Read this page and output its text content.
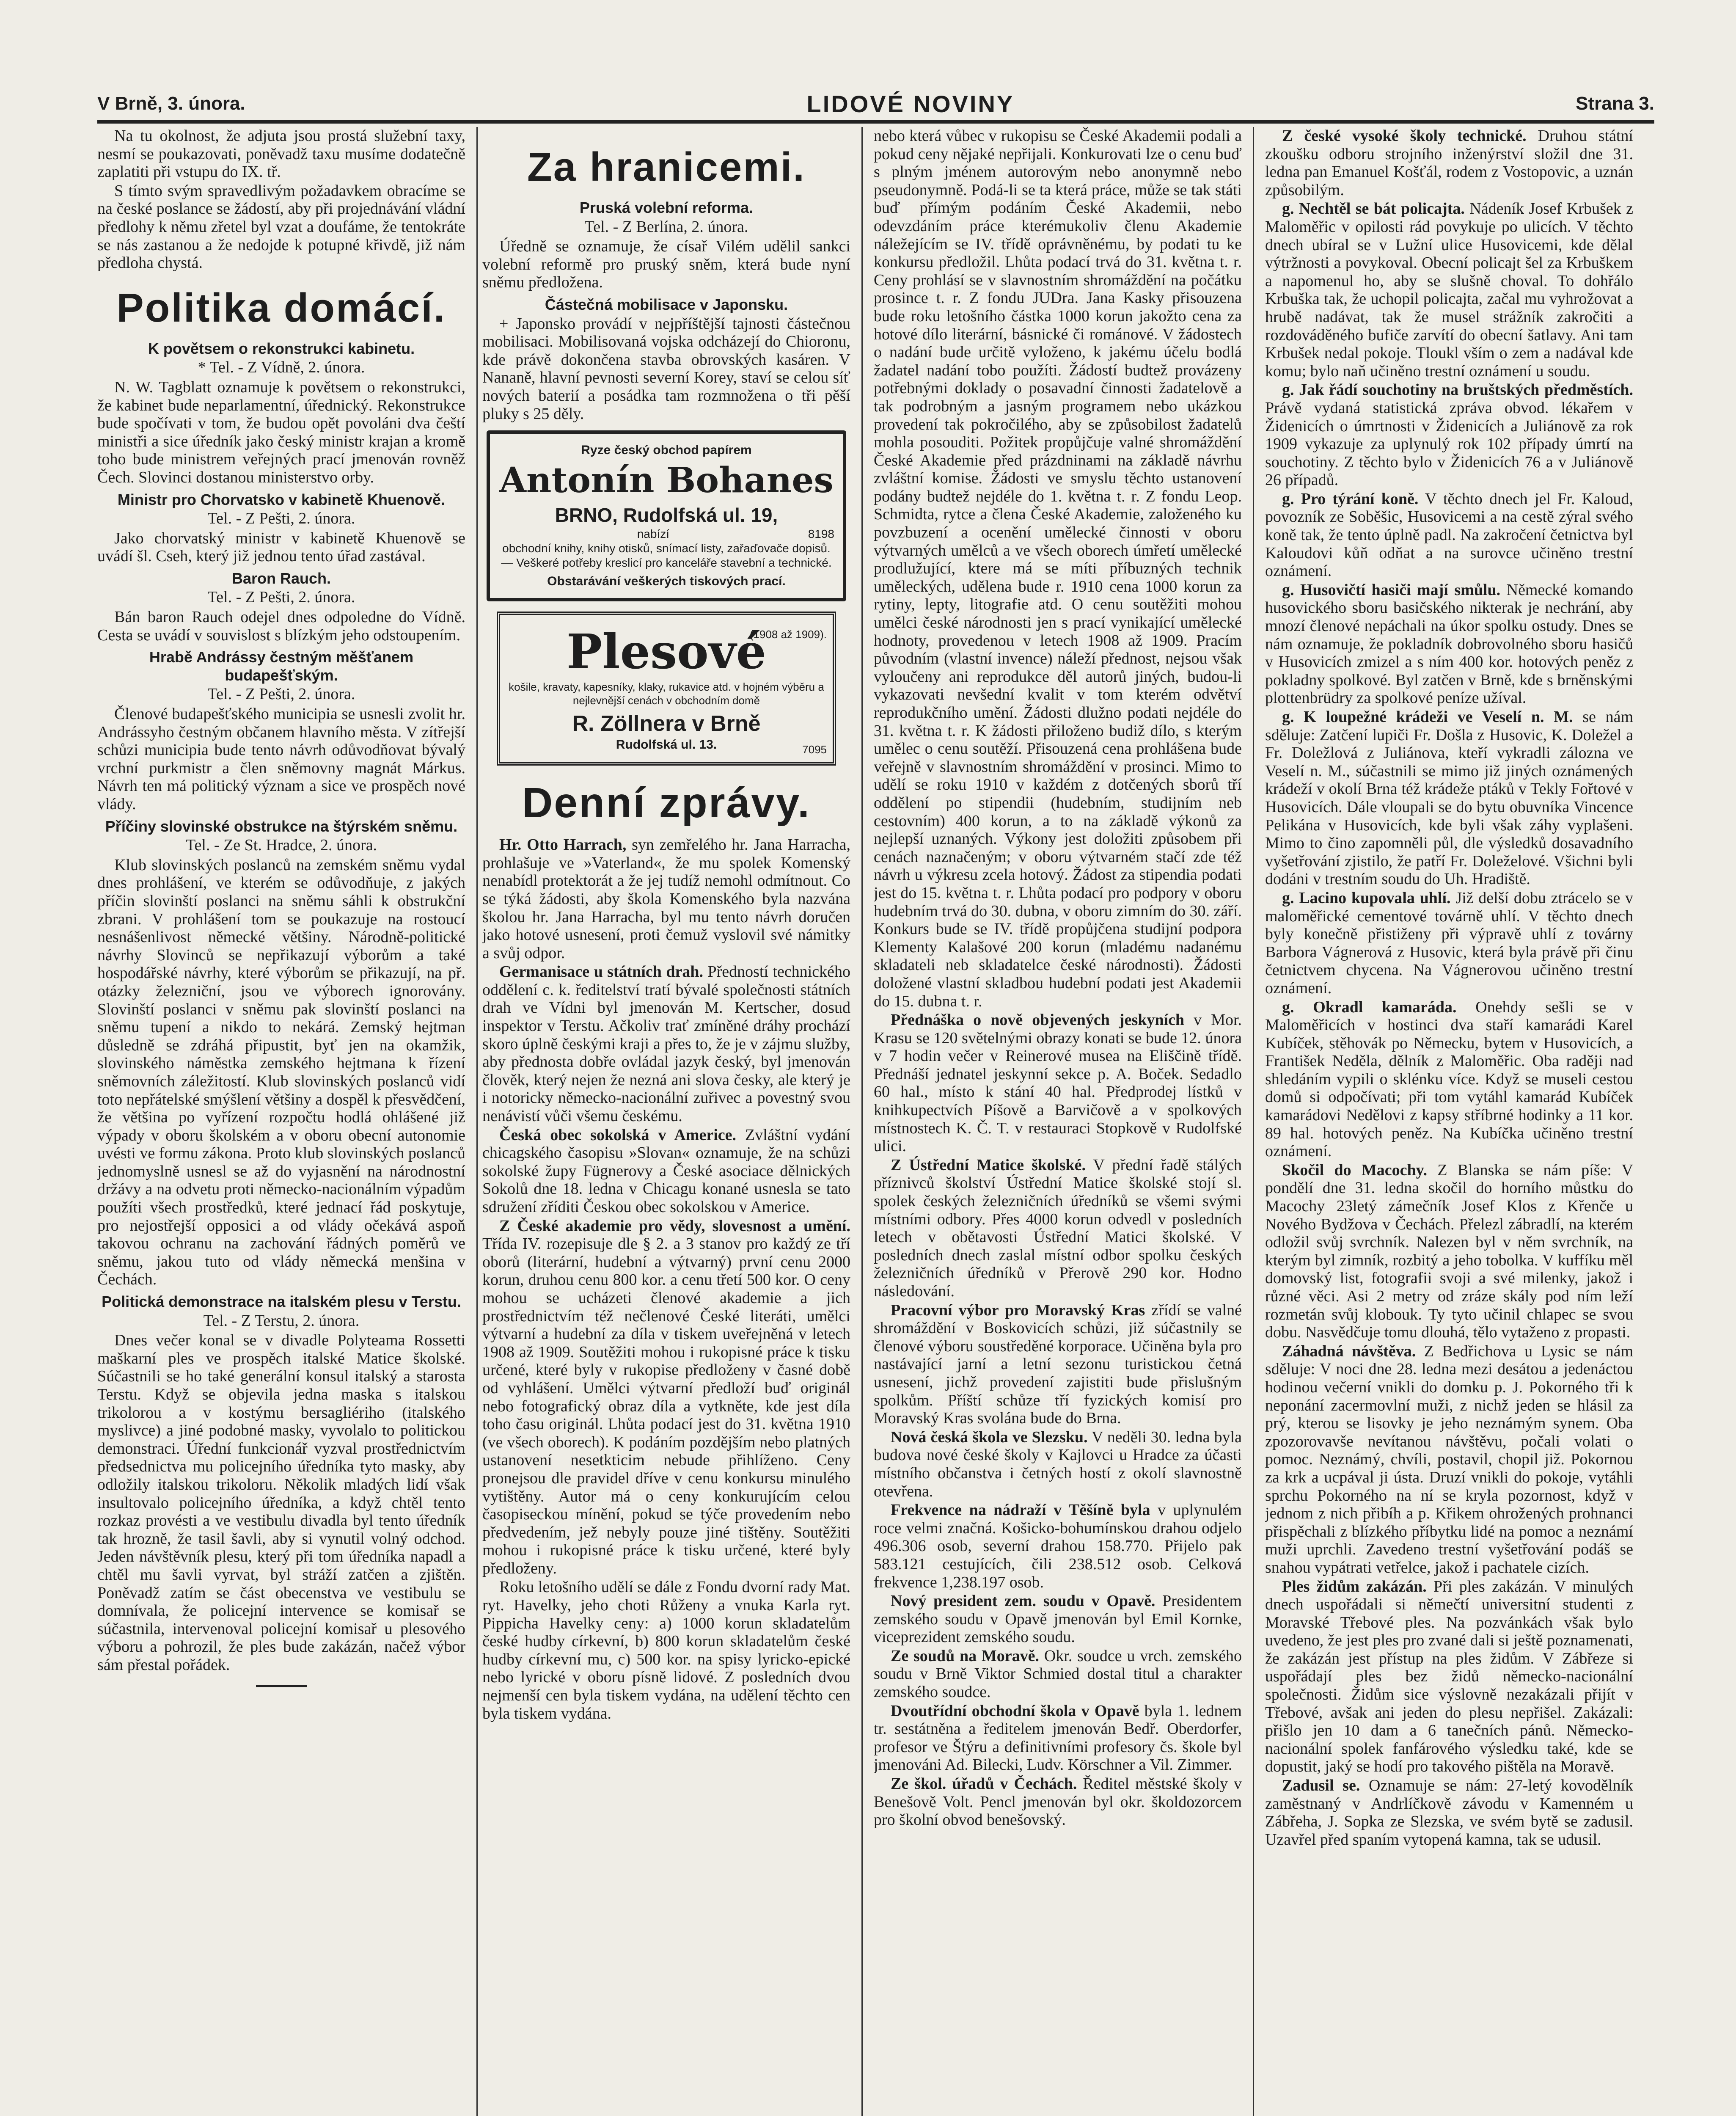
V Brně, 3. února.	LIDOVÉ NOVINY	Strana 3.

Na tu okolnost, že adjuta jsou prostá služební taxy, nesmí se poukazovati, poněvadž taxu musíme dodatečně zaplatiti při vstupu do IX. tř.

S tímto svým spravedlivým požadavkem obracíme se na české poslance se žádostí, aby při projednávání vládní předlohy k němu zřetel byl vzat a doufáme, že tentokráte se nás zastanou a že nedojde k potupné křivdě, již nám předloha chystá.

Politika domácí.

K povětsem o rekonstrukci kabinetu.

* Tel. - Z Vídně, 2. února.

N. W. Tagblatt oznamuje k povětsem o rekonstrukci, že kabinet bude neparlamentní, úřednický. Rekonstrukce bude spočívati v tom, že budou opět povoláni dva čeští ministři a sice úředník jako český ministr krajan a kromě toho bude ministrem veřejných prací jmenován rovněž Čech. Slovinci dostanou ministerstvo orby.

Ministr pro Chorvatsko v kabinetě Khuenově.

Tel. - Z Pešti, 2. února.

Jako chorvatský ministr v kabinetě Khuenově se uvádí šl. Cseh, který již jednou tento úřad zastával.

Baron Rauch.

Tel. - Z Pešti, 2. února.

Bán baron Rauch odejel dnes odpoledne do Vídně. Cesta se uvádí v souvislost s blízkým jeho odstoupením.

Hrabě Andrássy čestným měšťanem budapešťským.

Tel. - Z Pešti, 2. února.

Členové budapešťského municipia se usnesli zvolit hr. Andrássyho čestným občanem hlavního města. V zítřejší schůzi municipia bude tento návrh odůvodňovat bývalý vrchní purkmistr a člen sněmovny magnát Márkus. Návrh ten má politický význam a sice ve prospěch nové vlády.

Příčiny slovinské obstrukce na štýrském sněmu.

Tel. - Ze St. Hradce, 2. února.

Klub slovinských poslanců na zemském sněmu vydal dnes prohlášení, ve kterém se odůvodňuje, z jakých příčin slovinští poslanci na sněmu sáhli k obstrukční zbrani. V prohlášení tom se poukazuje na rostoucí nesnášenlivost německé většiny. Národně-politické návrhy Slovinců se nepřikazují výborům a také hospodářské návrhy, které výborům se přikazují, na př. otázky železniční, jsou ve výborech ignorovány. Slovinští poslanci v sněmu pak slovinští poslanci na sněmu tupení a nikdo to nekárá. Zemský hejtman důsledně se zdráhá připustit, byť jen na okamžik, slovinského náměstka zemského hejtmana k řízení sněmovních záležitostí. Klub slovinských poslanců vidí toto nepřátelské smýšlení většiny a dospěl k přesvědčení, že většina po vyřízení rozpočtu hodlá ohlášené již výpady v oboru školském a v oboru obecní autonomie uvésti ve formu zákona. Proto klub slovinských poslanců jednomyslně usnesl se až do vyjasnění na národnostní držávy a na odvetu proti německo-nacionálním výpadům použíti všech prostředků, které jednací řád poskytuje, pro nejostřejší opposici a od vlády očekává aspoň takovou ochranu na zachování řádných poměrů ve sněmu, jakou tuto od vlády německá menšina v Čechách.

Politická demonstrace na italském plesu v Terstu.

Tel. - Z Terstu, 2. února.

Dnes večer konal se v divadle Polyteama Rossetti maškarní ples ve prospěch italské Matice školské. Súčastnili se ho také generální konsul italský a starosta Terstu. Když se objevila jedna maska s italskou trikolorou a v kostýmu bersagliériho (italského myslivce) a jiné podobné masky, vyvolalo to politickou demonstraci. Úřední funkcionář vyzval prostřednictvím předsednictva mu policejního úředníka tyto masky, aby odložily italskou trikoloru. Několik mladých lidí však insultovalo policejního úředníka, a když chtěl tento rozkaz provésti a ve vestibulu divadla byl tento úředník tak hrozně, že tasil šavli, aby si vynutil volný odchod. Jeden návštěvník plesu, který při tom úředníka napadl a chtěl mu šavli vyrvat, byl stráží zatčen a zjištěn. Poněvadž zatím se část obecenstva ve vestibulu se domnívala, že policejní intervence se komisař se súčastnila, intervenoval policejní komisař u plesového výboru a pohrozil, že ples bude zakázán, načež výbor sám přestal pořádek.

Za hranicemi.

Pruská volební reforma.

Tel. - Z Berlína, 2. února.

Úředně se oznamuje, že císař Vilém udělil sankci volební reformě pro pruský sněm, která bude nyní sněmu předložena.

Částečná mobilisace v Japonsku.

+ Japonsko provádí v nejpříštější tajnosti částečnou mobilisaci. Mobilisovaná vojska odcházejí do Chioronu, kde právě dokončena stavba obrovských kasáren. V Nananě, hlavní pevnosti severní Korey, staví se celou síť nových baterií a posádka tam rozmnožena o tři pěší pluky s 25 děly.

Ryze český obchod papírem
Antonín Bohanes
BRNO, Rudolfská ul. 19,
nabízí	8198
obchodní knihy, knihy otisků, snímací listy, zařaďovače dopisů. — Veškeré potřeby kreslicí pro kanceláře stavební a technické.
Obstarávání veškerých tiskových prací.
(1908 až 1909).
Plesové
košile, kravaty, kapesníky, klaky, rukavice atd. v hojném výběru a nejlevnější cenách v obchodním domě
R. Zöllnera v Brně
Rudolfská ul. 13.	7095

Denní zprávy.

Hr. Otto Harrach, syn zemřelého hr. Jana Harracha, prohlašuje ve »Vaterland«, že mu spolek Komenský nenabídl protektorát a že jej tudíž nemohl odmítnout. Co se týká žádosti, aby škola Komenského byla nazvána školou hr. Jana Harracha, byl mu tento návrh doručen jako hotové usnesení, proti čemuž vyslovil své námitky a svůj odpor.

Germanisace u státních drah. Předností technického oddělení c. k. ředitelství tratí bývalé společnosti státních drah ve Vídni byl jmenován M. Kertscher, dosud inspektor v Terstu. Ačkoliv trať zmíněné dráhy prochází skoro úplně českými kraji a přes to, že je v zájmu služby, aby přednosta dobře ovládal jazyk český, byl jmenován člověk, který nejen že nezná ani slova česky, ale který je i notoricky německo-nacionální zuřivec a povestný svou nenávistí vůči všemu českému.

Česká obec sokolská v Americe. Zvláštní vydání chicagského časopisu »Slovan« oznamuje, že na schůzi sokolské župy Fügnerovy a České asociace dělnických Sokolů dne 18. ledna v Chicagu konané usnesla se tato sdružení zříditi Českou obec sokolskou v Americe.

Z České akademie pro vědy, slovesnost a umění. Třída IV. rozepisuje dle § 2. a 3 stanov pro každý ze tří oborů (literární, hudební a výtvarný) první cenu 2000 korun, druhou cenu 800 kor. a cenu třetí 500 kor. O ceny mohou se ucházeti členové akademie a jich prostřednictvím též nečlenové České literáti, umělci výtvarní a hudební za díla v tiskem uveřejněná v letech 1908 až 1909. Soutěžiti mohou i rukopisné práce k tisku určené, které byly v rukopise předloženy v časné době od vyhlášení. Umělci výtvarní předloží buď originál nebo fotografický obraz díla a vytkněte, kde jest díla toho času originál. Lhůta podací jest do 31. května 1910 (ve všech oborech). K podáním pozdějším nebo platných ustanovení nesetkticim nebude přihlíženo. Ceny pronejsou dle pravidel dříve v cenu konkursu minulého vytištěny. Autor má o ceny konkurujícím celou časopiseckou mínění, pokud se týče provedením nebo předvedením, jež nebyly pouze jiné tištěny. Soutěžiti mohou i rukopisné práce k tisku určené, které byly předloženy.

Roku letošního udělí se dále z Fondu dvorní rady Mat. ryt. Havelky, jeho choti Růženy a vnuka Karla ryt. Pippicha Havelky ceny: a) 1000 korun skladatelům české hudby církevní, b) 800 korun skladatelům české hudby církevní mu, c) 500 kor. na spisy lyricko-epické nebo lyrické v oboru písně lidové. Z posledních dvou nejmenší cen byla tiskem vydána, na udělení těchto cen byla tiskem vydána.

nebo která vůbec v rukopisu se České Akademii podali a pokud ceny nějaké nepřijali. Konkurovati lze o cenu buď s plným jménem autorovým nebo anonymně nebo pseudonymně. Podá-li se ta která práce, může se tak státi buď přímým podáním České Akademii, nebo odevzdáním práce kterémukoliv členu Akademie náležejícím se IV. třídě oprávněnému, by podati tu ke konkursu předložil. Lhůta podací trvá do 31. května t. r. Ceny prohlásí se v slavnostním shromáždění na počátku prosince t. r. Z fondu JUDra. Jana Kasky přisouzena bude roku letošního částka 1000 korun jakožto cena za hotové dílo literární, básnické či románové. V žádostech o nadání bude určitě vyloženo, k jakému účelu bodlá žadatel nadání tobo použíti. Žádostí budtež provázeny potřebnými doklady o posavadní činnosti žadatelově a tak podrobným a jasným programem nebo ukázkou provedení tak pokročilého, aby se způsobilost žadatelů mohla posouditi. Požitek propůjčuje valné shromáždění České Akademie před prázdninami na základě návrhu zvláštní komise. Žádosti ve smyslu těchto ustanovení podány budtež nejdéle do 1. května t. r. Z fondu Leop. Schmidta, rytce a člena České Akademie, založeného ku povzbuzení a ocenění umělecké činnosti v oboru výtvarných umělců a ve všech oborech úmřetí umělecké prodlužující, ktere má se míti příbuzných technik uměleckých, udělena bude r. 1910 cena 1000 korun za rytiny, lepty, litografie atd. O cenu soutěžiti mohou umělci české národnosti jen s prací vynikající umělecké hodnoty, provedenou v letech 1908 až 1909. Pracím původním (vlastní invence) náleží přednost, nejsou však vyloučeny ani reprodukce děl autorů jiných, budou-li vykazovati nevšední kvalit v tom kterém odvětví reprodukčního umění. Žádosti dlužno podati nejdéle do 31. května t. r. K žádosti přiloženo budiž dílo, s kterým umělec o cenu soutěží. Přisouzená cena prohlášena bude veřejně v slavnostním shromáždění v prosinci. Mimo to udělí se roku 1910 v každém z dotčených sborů tří oddělení po stipendii (hudebním, studijním neb cestovním) 400 korun, a to na základě výkonů za nejlepší uznaných. Výkony jest doložiti způsobem při cenách naznačeným; v oboru výtvarném stačí zde též návrh u výkresu zcela hotový. Žádost za stipendia podati jest do 15. května t. r. Lhůta podací pro podpory v oboru hudebním trvá do 30. dubna, v oboru zimním do 30. září. Konkurs bude se IV. třídě propůjčena studijní podpora Klementy Kalašové 200 korun (mladému nadanému skladateli neb skladatelce české národnosti). Žádosti doložené vlastní skladbou hudební podati jest Akademii do 15. dubna t. r.

Přednáška o nově objevených jeskyních v Mor. Krasu se 120 světelnými obrazy konati se bude 12. února v 7 hodin večer v Reinerové musea na Eliščině třídě. Přednáší jednatel jeskynní sekce p. A. Boček. Sedadlo 60 hal., místo k stání 40 hal. Předprodej lístků v knihkupectvích Píšově a Barvičově a v spolkových místnostech K. Č. T. v restauraci Stopkově v Rudolfské ulici.

Z Ústřední Matice školské. V přední řadě stálých příznivců školství Ústřední Matice školské stojí sl. spolek českých železničních úředníků se všemi svými místními odbory. Přes 4000 korun odvedl v posledních letech v obětavosti Ústřední Matici školské. V posledních dnech zaslal místní odbor spolku českých železničních úředníků v Přerově 290 kor. Hodno následování.

Pracovní výbor pro Moravský Kras zřídí se valné shromáždění v Boskovicích schůzi, již súčastnily se členové výboru soustředěné korporace. Učiněna byla pro nastávající jarní a letní sezonu turistickou četná usnesení, jichž provedení zajistiti bude přislušným spolkům. Příští schůze tří fyzických komisí pro Moravský Kras svolána bude do Brna.

Nová česká škola ve Slezsku. V neděli 30. ledna byla budova nové české školy v Kajlovci u Hradce za účasti místního občanstva i četných hostí z okolí slavnostně otevřena.

Frekvence na nádraží v Těšíně byla v uplynulém roce velmi značná. Košicko-bohumínskou drahou odjelo 496.306 osob, severní drahou 158.770. Přijelo pak 583.121 cestujících, čili 238.512 osob. Celková frekvence 1,238.197 osob.

Nový president zem. soudu v Opavě. Presidentem zemského soudu v Opavě jmenován byl Emil Kornke, viceprezident zemského soudu.

Ze soudů na Moravě. Okr. soudce u vrch. zemského soudu v Brně Viktor Schmied dostal titul a charakter zemského soudce.

Dvoutřídní obchodní škola v Opavě byla 1. lednem tr. sestátněna a ředitelem jmenován Bedř. Oberdorfer, profesor ve Štýru a definitivními profesory čs. škole byl jmenováni Ad. Bilecki, Ludv. Körschner a Vil. Zimmer.

Ze škol. úřadů v Čechách. Ředitel městské školy v Benešově Volt. Pencl jmenován byl okr. školdozorcem pro školní obvod benešovský.

Z české vysoké školy technické. Druhou státní zkoušku odboru strojního inženýrství složil dne 31. ledna pan Emanuel Košťál, rodem z Vostopovic, a uznán způsobilým.

g. Nechtěl se bát policajta. Nádeník Josef Krbušek z Maloměřic v opilosti rád povykuje po ulicích. V těchto dnech ubíral se v Lužní ulice Husovicemi, kde dělal výtržnosti a povykoval. Obecní policajt šel za Krbuškem a napomenul ho, aby se slušně choval. To dohřálo Krbuška tak, že uchopil policajta, začal mu vyhrožovat a hrubě nadávat, tak že musel strážník zakročiti a rozdováděného bufiče zarvítí do obecní šatlavy. Ani tam Krbušek nedal pokoje. Tloukl vším o zem a nadával kde komu; bylo naň učiněno trestní oznámení u soudu.

g. Jak řádí souchotiny na bruštských předměstích. Právě vydaná statistická zpráva obvod. lékařem v Židenicích o úmrtnosti v Židenicích a Juliánově za rok 1909 vykazuje za uplynulý rok 102 případy úmrtí na souchotiny. Z těchto bylo v Židenicích 76 a v Juliánově 26 případů.

g. Pro týrání koně. V těchto dnech jel Fr. Kaloud, povozník ze Soběšic, Husovicemi a na cestě zýral svého koně tak, že tento úplně padl. Na zakročení četnictva byl Kaloudovi kůň odňat a na surovce učiněno trestní oznámení.

g. Husovičtí hasiči mají smůlu. Německé komando husovického sboru basičského nikterak je nechrání, aby mnozí členové nepáchali na úkor spolku ostudy. Dnes se nám oznamuje, že pokladník dobrovolného sboru hasičů v Husovicích zmizel a s ním 400 kor. hotových peněz z pokladny spolkové. Byl zatčen v Brně, kde s brněnskými plottenbrüdry za spolkové peníze užíval.

g. K loupežné krádeži ve Veselí n. M. se nám sděluje: Zatčení lupiči Fr. Došla z Husovic, K. Doležel a Fr. Doležlová z Juliánova, kteří vykradli zálozna ve Veselí n. M., súčastnili se mimo již jiných oznámených krádeží v okolí Brna též krádeže ptáků v Tekly Fořtové v Husovicích. Dále vloupali se do bytu obuvníka Vincence Pelikána v Husovicích, kde byli však záhy vyplašeni. Mimo to čino zapomněli půl, dle výsledků dosavadního vyšetřování zjistilo, že patří Fr. Doleželové. Všichni byli dodáni v trestním soudu do Uh. Hradiště.

g. Lacino kupovala uhlí. Již delší dobu ztrácelo se v maloměřické cementové továrně uhlí. V těchto dnech byly konečně přistiženy při výpravě uhlí z továrny Barbora Vágnerová z Husovic, která byla právě při činu četnictvem chycena. Na Vágnerovou učiněno trestní oznámení.

g. Okradl kamaráda. Onehdy sešli se v Maloměřicích v hostinci dva staří kamarádi Karel Kubíček, stěhovák po Německu, bytem v Husovicích, a František Neděla, dělník z Maloměřic. Oba raději nad shledáním vypili o sklénku více. Když se museli cestou domů si odpočívati; při tom vytáhl kamarád Kubíček kamarádovi Nedělovi z kapsy stříbrné hodinky a 11 kor. 89 hal. hotových peněz. Na Kubíčka učiněno trestní oznámení.

Skočil do Macochy. Z Blanska se nám píše: V pondělí dne 31. ledna skočil do horního můstku do Macochy 23letý zámečník Josef Klos z Křenče u Nového Bydžova v Čechách. Přelezl zábradlí, na kterém odložil svůj svrchník. Nalezen byl v něm svrchník, na kterým byl zimník, rozbitý a jeho tobolka. V kuffíku měl domovský list, fotografii svoji a své milenky, jakož i různé věci. Asi 2 metry od zráze skály pod ním leží rozmetán svůj klobouk. Ty tyto učinil chlapec se svou dobu. Nasvědčuje tomu dlouhá, tělo vytaženo z propasti.

Záhadná návštěva. Z Bedřichova u Lysic se nám sděluje: V noci dne 28. ledna mezi desátou a jedenáctou hodinou večerní vnikli do domku p. J. Pokorného tři k neponání zacermovlní muži, z nichž jeden se hlásil za prý, kterou se lisovky je jeho neznámým synem. Oba zpozorovavše nevítanou návštěvu, počali volati o pomoc. Neznámý, chvíli, postavil, chopil již. Pokornou za krk a ucpával ji ústa. Druzí vnikli do pokoje, vytáhli sprchu Pokorného na ní se kryla pozornost, když v jednom z nich přibíh a p. Křikem ohrožených prohnanci přispěchali z blízkého příbytku lidé na pomoc a neznámí muži uprchli. Zavedeno trestní vyšetřování podáš se snahou vypátrati vetřelce, jakož i pachatele cizích.

Ples židům zakázán. Při ples zakázán. V minulých dnech uspořádali si němečtí universitní studenti z Moravské Třebové ples. Na pozvánkách však bylo uvedeno, že jest ples pro zvané dali si ještě poznamenati, že zakázán jest přístup na ples židům. V Zábřeze si uspořádají ples bez židů německo-nacionální společnosti. Židům sice výslovně nezakázali přijít v Třebové, avšak ani jeden do plesu nepřišel. Zakázali: přišlo jen 10 dam a 6 tanečních pánů. Německo-nacionální spolek fanfárového výsledku také, kde se dopustit, jaký se hodí pro takového pištěla na Moravě.

Zadusil se. Oznamuje se nám: 27-letý kovodělník zaměstnaný v Andrlíčkově závodu v Kamenném u Zábřeha, J. Sopka ze Slezska, ve svém bytě se zadusil. Uzavřel před spaním vytopená kamna, tak se udusil.
